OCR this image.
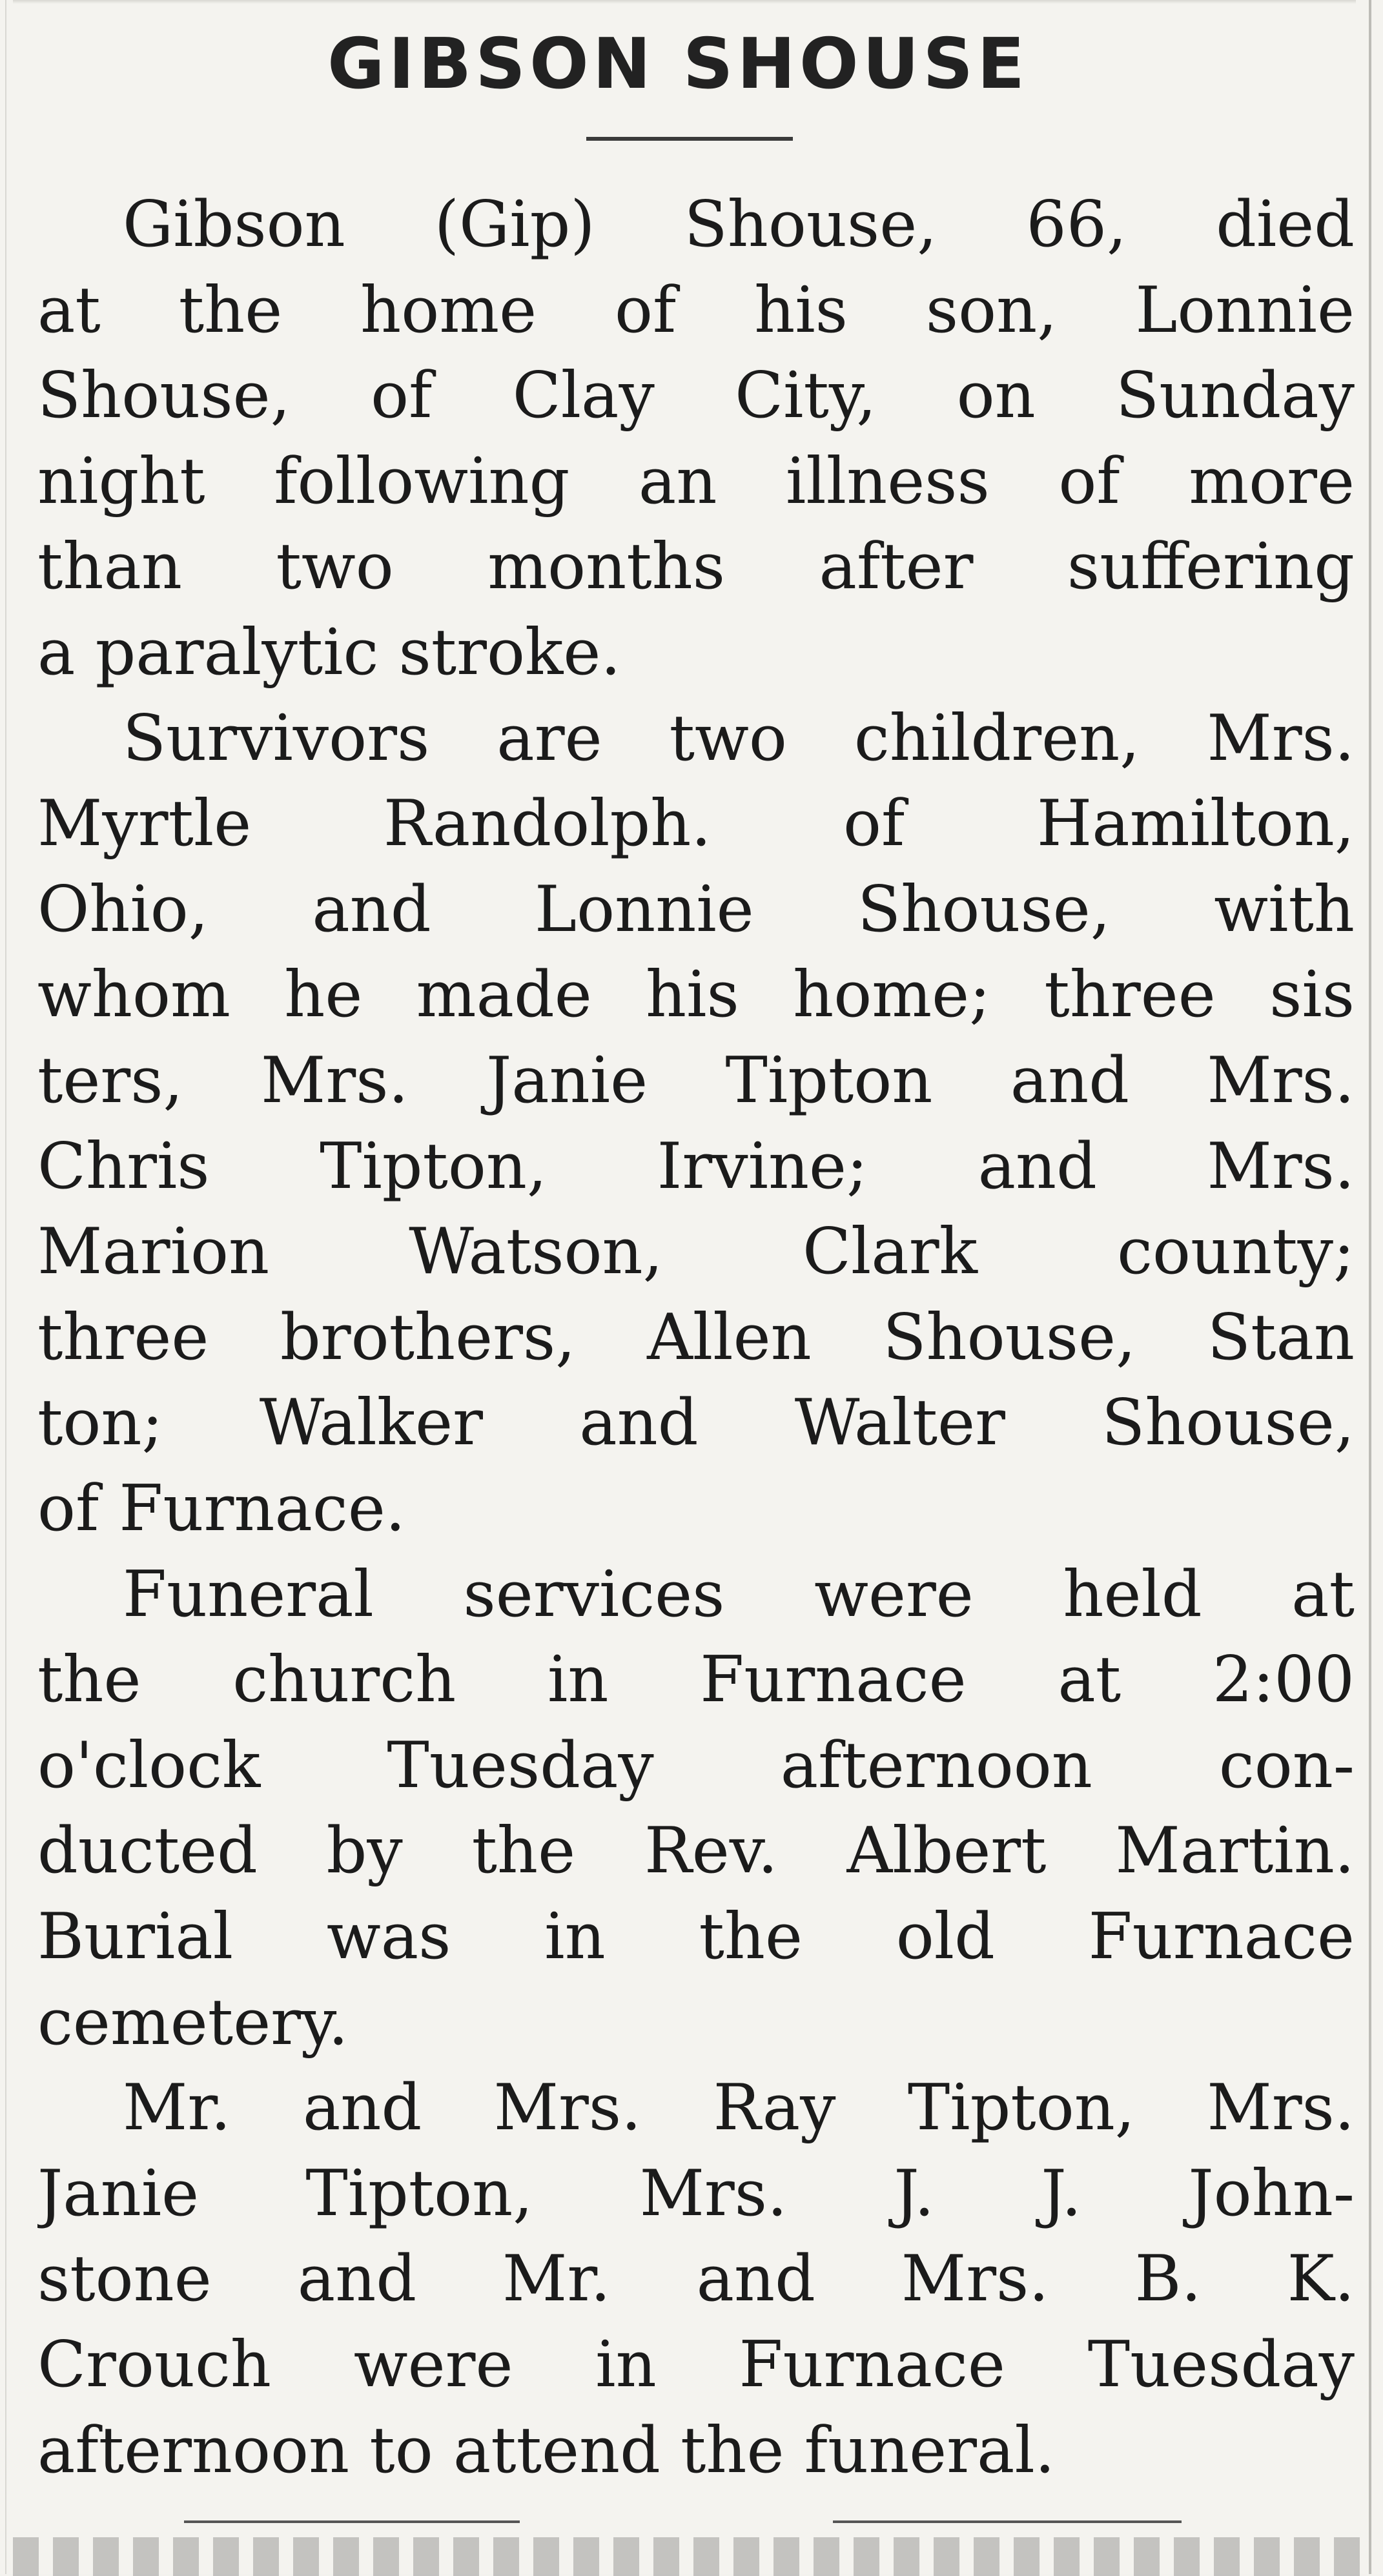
GIBSON SHOUSE
Gibson (Gip) Shouse, 66, died
at the home of his son, Lonnie
Shouse, of Clay City, on Sunday
night following an illness of more
than two months after suffering
a paralytic stroke.
Survivors are two children, Mrs.
Myrtle Randolph. of Hamilton,
Ohio, and Lonnie Shouse, with
whom he made his home; three sis
ters, Mrs. Janie Tipton and Mrs.
Chris Tipton, Irvine; and Mrs.
Marion Watson, Clark county;
three brothers, Allen Shouse, Stan
ton; Walker and Walter Shouse,
of Furnace.
Funeral services were held at
the church in Furnace at 2:00
o'clock Tuesday afternoon con-
ducted by the Rev. Albert Martin.
Burial was in the old Furnace
cemetery.
Mr. and Mrs. Ray Tipton, Mrs.
Janie Tipton, Mrs. J. J. John-
stone and Mr. and Mrs. B. K.
Crouch were in Furnace Tuesday
afternoon to attend the funeral.
